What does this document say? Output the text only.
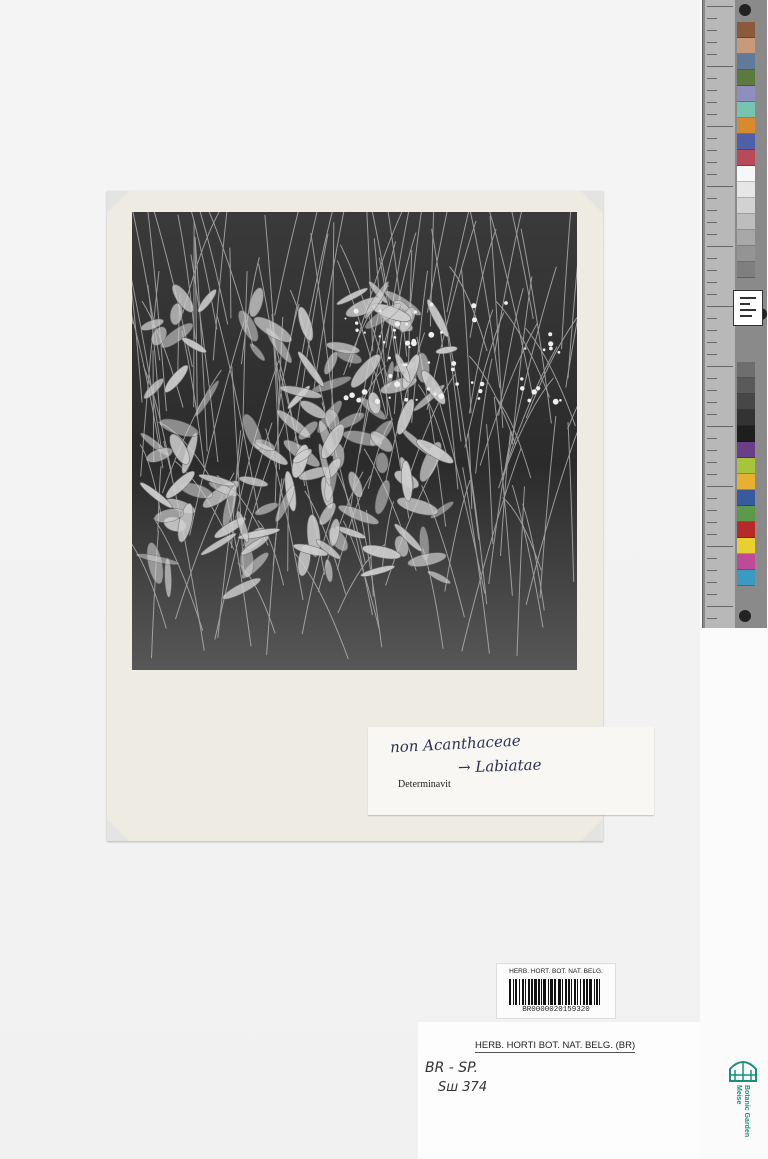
non Acanthaceae
→ Labiatae
Determinavit
HERB. HORT. BOT. NAT. BELG.
BR0000020159320
HERB. HORTI BOT. NAT. BELG. (BR)
BR - SP.
Sш 374	Botanic Garden Meise
